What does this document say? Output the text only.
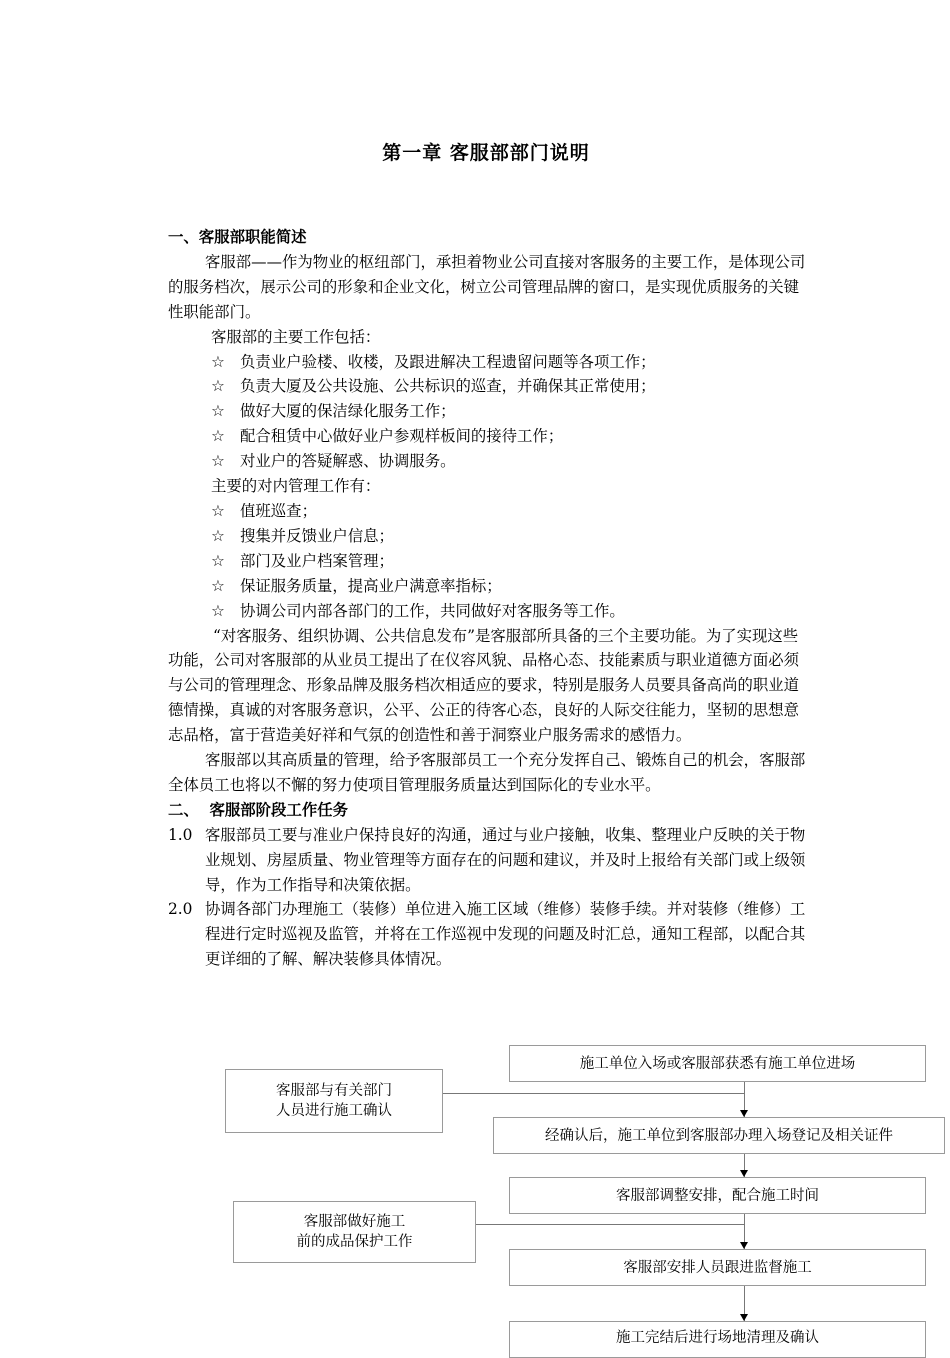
第一章 客服部部门说明

一、客服部职能简述

客服部——作为物业的枢纽部门，承担着物业公司直接对客服务的主要工作，是体现公司的服务档次，展示公司的形象和企业文化，树立公司管理品牌的窗口，是实现优质服务的关键性职能部门。

客服部的主要工作包括：

☆ 负责业户验楼、收楼，及跟进解决工程遗留问题等各项工作；

☆ 负责大厦及公共设施、公共标识的巡查，并确保其正常使用；

☆ 做好大厦的保洁绿化服务工作；

☆ 配合租赁中心做好业户参观样板间的接待工作；

☆ 对业户的答疑解惑、协调服务。

主要的对内管理工作有：

☆ 值班巡查；

☆ 搜集并反馈业户信息；

☆ 部门及业户档案管理；

☆ 保证服务质量，提高业户满意率指标；

☆ 协调公司内部各部门的工作，共同做好对客服务等工作。

“对客服务、组织协调、公共信息发布”是客服部所具备的三个主要功能。为了实现这些功能，公司对客服部的从业员工提出了在仪容风貌、品格心态、技能素质与职业道德方面必须与公司的管理理念、形象品牌及服务档次相适应的要求，特别是服务人员要具备高尚的职业道德情操，真诚的对客服务意识，公平、公正的待客心态，良好的人际交往能力，坚韧的思想意志品格，富于营造美好祥和气氛的创造性和善于洞察业户服务需求的感悟力。

客服部以其高质量的管理，给予客服部员工一个充分发挥自己、锻炼自己的机会，客服部全体员工也将以不懈的努力使项目管理服务质量达到国际化的专业水平。

二、  客服部阶段工作任务

1.0 客服部员工要与准业户保持良好的沟通，通过与业户接触，收集、整理业户反映的关于物业规划、房屋质量、物业管理等方面存在的问题和建议，并及时上报给有关部门或上级领导，作为工作指导和决策依据。
2.0 协调各部门办理施工（装修）单位进入施工区域（维修）装修手续。并对装修（维修）工程进行定时巡视及监管，并将在工作巡视中发现的问题及时汇总，通知工程部，以配合其更详细的了解、解决装修具体情况。
施工单位入场或客服部获悉有施工单位进场
经确认后，施工单位到客服部办理入场登记及相关证件
客服部调整安排，配合施工时间
客服部安排人员跟进监督施工
施工完结后进行场地清理及确认
客服部与有关部门
人员进行施工确认
客服部做好施工
前的成品保护工作
